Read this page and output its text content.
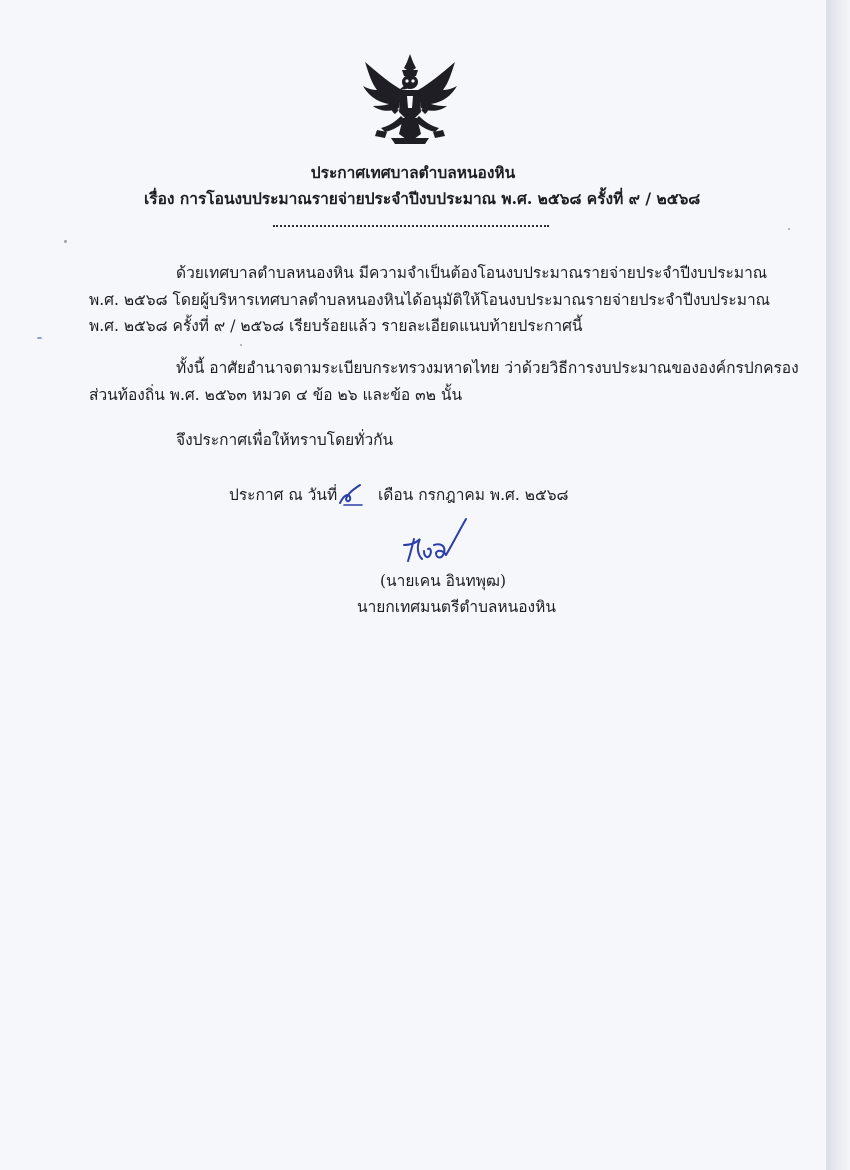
ประกาศเทศบาลตำบลหนองหิน
เรื่อง การโอนงบประมาณรายจ่ายประจำปีงบประมาณ พ.ศ. ๒๕๖๘ ครั้งที่ ๙ / ๒๕๖๘
ด้วยเทศบาลตำบลหนองหิน มีความจำเป็นต้องโอนงบประมาณรายจ่ายประจำปีงบประมาณ
พ.ศ. ๒๕๖๘ โดยผู้บริหารเทศบาลตำบลหนองหินได้อนุมัติให้โอนงบประมาณรายจ่ายประจำปีงบประมาณ
พ.ศ. ๒๕๖๘ ครั้งที่ ๙ / ๒๕๖๘ เรียบร้อยแล้ว รายละเอียดแนบท้ายประกาศนี้
ทั้งนี้ อาศัยอำนาจตามระเบียบกระทรวงมหาดไทย ว่าด้วยวิธีการงบประมาณขององค์กรปกครอง
ส่วนท้องถิ่น พ.ศ. ๒๕๖๓ หมวด ๔ ข้อ ๒๖ และข้อ ๓๒ นั้น
จึงประกาศเพื่อให้ทราบโดยทั่วกัน
ประกาศ ณ วันที่	เดือน กรกฎาคม พ.ศ. ๒๕๖๘
(นายเคน อินทพุฒ)
นายกเทศมนตรีตำบลหนองหิน
